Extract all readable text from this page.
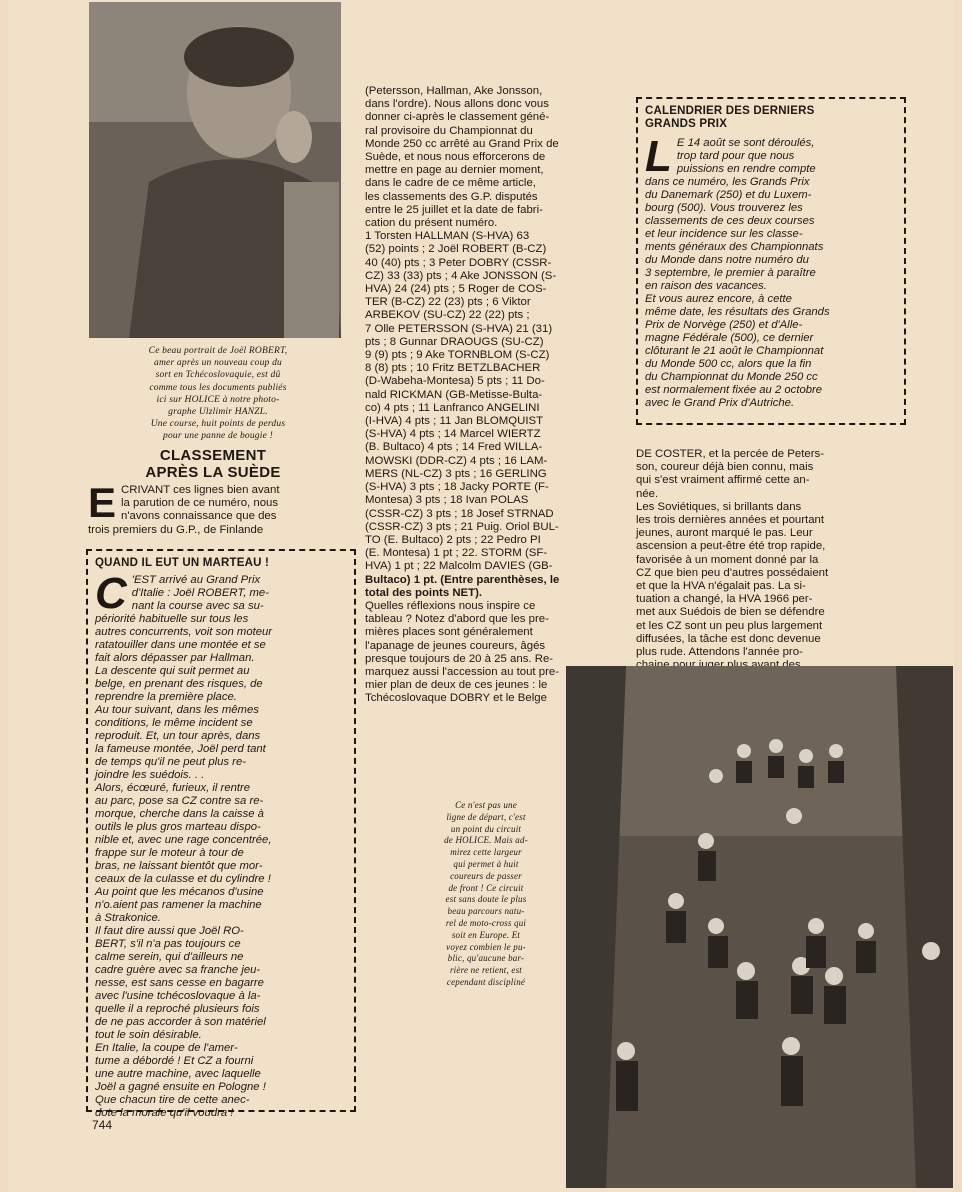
Ce beau portrait de Joël ROBERT,
amer après un nouveau coup du
sort en Tchécoslovaquie, est dû
comme tous les documents publiés
ici sur HOLICE à notre photo-
graphe Ulzlimir HANZL.
Une course, huit points de perdus
pour une panne de bougie !
CLASSEMENT
APRÈS LA SUÈDE
E CRIVANT ces lignes bien avant
la parution de ce numéro, nous
n'avons connaissance que des
trois premiers du G.P., de Finlande
QUAND IL EUT UN MARTEAU !
C 'EST arrivé au Grand Prix
d'Italie : Joël ROBERT, me-
nant la course avec sa su-
périorité habituelle sur tous les
autres concurrents, voit son moteur
ratatouiller dans une montée et se
fait alors dépasser par Hallman.
La descente qui suit permet au
belge, en prenant des risques, de
reprendre la première place.
Au tour suivant, dans les mêmes
conditions, le même incident se
reproduit. Et, un tour après, dans
la fameuse montée, Joël perd tant
de temps qu'il ne peut plus re-
joindre les suédois. . .
Alors, écœuré, furieux, il rentre
au parc, pose sa CZ contre sa re-
morque, cherche dans la caisse à
outils le plus gros marteau dispo-
nible et, avec une rage concentrée,
frappe sur le moteur à tour de
bras, ne laissant bientôt que mor-
ceaux de la culasse et du cylindre !
Au point que les mécanos d'usine
n'o.aient pas ramener la machine
à Strakonice.
Il faut dire aussi que Joël RO-
BERT, s'il n'a pas toujours ce
calme serein, qui d'ailleurs ne
cadre guère avec sa franche jeu-
nesse, est sans cesse en bagarre
avec l'usine tchécoslovaque à la-
quelle il a reproché plusieurs fois
de ne pas accorder à son matériel
tout le soin désirable.
En Italie, la coupe de l'amer-
tume a débordé ! Et CZ a fourni
une autre machine, avec laquelle
Joël a gagné ensuite en Pologne !
Que chacun tire de cette anec-
dote la morale qu'il voudra !
(Petersson, Hallman, Ake Jonsson,
dans l'ordre). Nous allons donc vous
donner ci-après le classement géné-
ral provisoire du Championnat du
Monde 250 cc arrêté au Grand Prix de
Suède, et nous nous efforcerons de
mettre en page au dernier moment,
dans le cadre de ce même article,
les classements des G.P. disputés
entre le 25 juillet et la date de fabri-
cation du présent numéro.
1 Torsten HALLMAN (S-HVA) 63
(52) points ; 2 Joël ROBERT (B-CZ)
40 (40) pts ; 3 Peter DOBRY (CSSR-
CZ) 33 (33) pts ; 4 Ake JONSSON (S-
HVA) 24 (24) pts ; 5 Roger de COS-
TER (B-CZ) 22 (23) pts ; 6 Viktor
ARBEKOV (SU-CZ) 22 (22) pts ;
7 Olle PETERSSON (S-HVA) 21 (31)
pts ; 8 Gunnar DRAOUGS (SU-CZ)
9 (9) pts ; 9 Ake TORNBLOM (S-CZ)
8 (8) pts ; 10 Fritz BETZLBACHER
(D-Wabeha-Montesa) 5 pts ; 11 Do-
nald RICKMAN (GB-Metisse-Bulta-
co) 4 pts ; 11 Lanfranco ANGELINI
(I-HVA) 4 pts ; 11 Jan BLOMQUIST
(S-HVA) 4 pts ; 14 Marcel WIERTZ
(B. Bultaco) 4 pts ; 14 Fred WILLA-
MOWSKI (DDR-CZ) 4 pts ; 16 LAM-
MERS (NL-CZ) 3 pts ; 16 GERLING
(S-HVA) 3 pts ; 18 Jacky PORTE (F-
Montesa) 3 pts ; 18 Ivan POLAS
(CSSR-CZ) 3 pts ; 18 Josef STRNAD
(CSSR-CZ) 3 pts ; 21 Puig. Oriol BUL-
TO (E. Bultaco) 2 pts ; 22 Pedro PI
(E. Montesa) 1 pt ; 22. STORM (SF-
HVA) 1 pt ; 22 Malcolm DAVIES (GB-
Bultaco) 1 pt. (Entre parenthèses, le
total des points NET).
Quelles réflexions nous inspire ce
tableau ? Notez d'abord que les pre-
mières places sont généralement
l'apanage de jeunes coureurs, âgés
presque toujours de 20 à 25 ans. Re-
marquez aussi l'accession au tout pre-
mier plan de deux de ces jeunes : le
Tchécoslovaque DOBRY et le Belge
CALENDRIER DES DERNIERS
GRANDS PRIX
L E 14 août se sont déroulés,
trop tard pour que nous
puissions en rendre compte
dans ce numéro, les Grands Prix
du Danemark (250) et du Luxem-
bourg (500). Vous trouverez les
classements de ces deux courses
et leur incidence sur les classe-
ments généraux des Championnats
du Monde dans notre numéro du
3 septembre, le premier à paraître
en raison des vacances.
Et vous aurez encore, à cette
même date, les résultats des Grands
Prix de Norvège (250) et d'Alle-
magne Fédérale (500), ce dernier
clôturant le 21 août le Championnat
du Monde 500 cc, alors que la fin
du Championnat du Monde 250 cc
est normalement fixée au 2 octobre
avec le Grand Prix d'Autriche.
DE COSTER, et la percée de Peters-
son, coureur déjà bien connu, mais
qui s'est vraiment affirmé cette an-
née.
Les Soviétiques, si brillants dans
les trois dernières années et pourtant
jeunes, auront marqué le pas. Leur
ascension a peut-être été trop rapide,
favorisée à un moment donné par la
CZ que bien peu d'autres possédaient
et que la HVA n'égalait pas. La si-
tuation a changé, la HVA 1966 per-
met aux Suédois de bien se défendre
et les CZ sont un peu plus largement
diffusées, la tâche est donc devenue
plus rude. Attendons l'année pro-
Ce n'est pas une
ligne de départ, c'est
un point du circuit
de HOLICE. Mais ad-
mirez cette largeur
qui permet à huit
coureurs de passer
de front ! Ce circuit
est sans doute le plus
beau parcours natu-
rel de moto-cross qui
soit en Europe. Et
voyez combien le pu-
blic, qu'aucune bar-
rière ne retient, est
cependant discipliné
744
